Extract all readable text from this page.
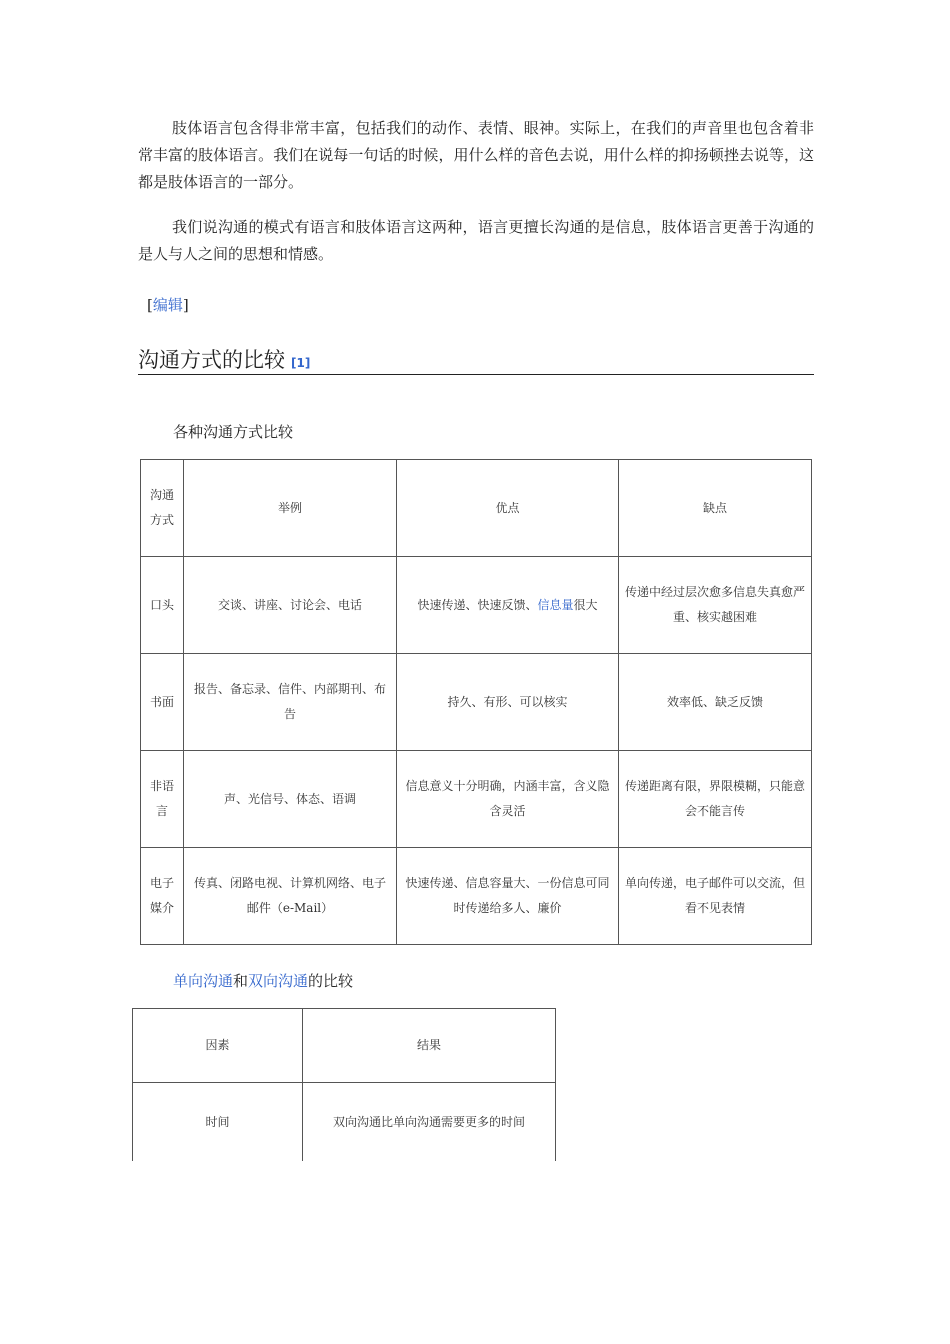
肢体语言包含得非常丰富，包括我们的动作、表情、眼神。实际上，在我们的声音里也包含着非常丰富的肢体语言。我们在说每一句话的时候，用什么样的音色去说，用什么样的抑扬顿挫去说等，这都是肢体语言的一部分。

我们说沟通的模式有语言和肢体语言这两种，语言更擅长沟通的是信息，肢体语言更善于沟通的是人与人之间的思想和情感。

[编辑]
沟通方式的比较 [1]
各种沟通方式比较
沟通方式	举例	优点	缺点
口头	交谈、讲座、讨论会、电话	快速传递、快速反馈、信息量很大	传递中经过层次愈多信息失真愈严重、核实越困难
书面	报告、备忘录、信件、内部期刊、布告	持久、有形、可以核实	效率低、缺乏反馈
非语言	声、光信号、体态、语调	信息意义十分明确，内涵丰富，含义隐含灵活	传递距离有限，界限模糊，只能意会不能言传
电子媒介	传真、闭路电视、计算机网络、电子邮件（e-Mail）	快速传递、信息容量大、一份信息可同时传递给多人、廉价	单向传递，电子邮件可以交流，但看不见表情
单向沟通和双向沟通的比较
因素	结果
时间	双向沟通比单向沟通需要更多的时间
